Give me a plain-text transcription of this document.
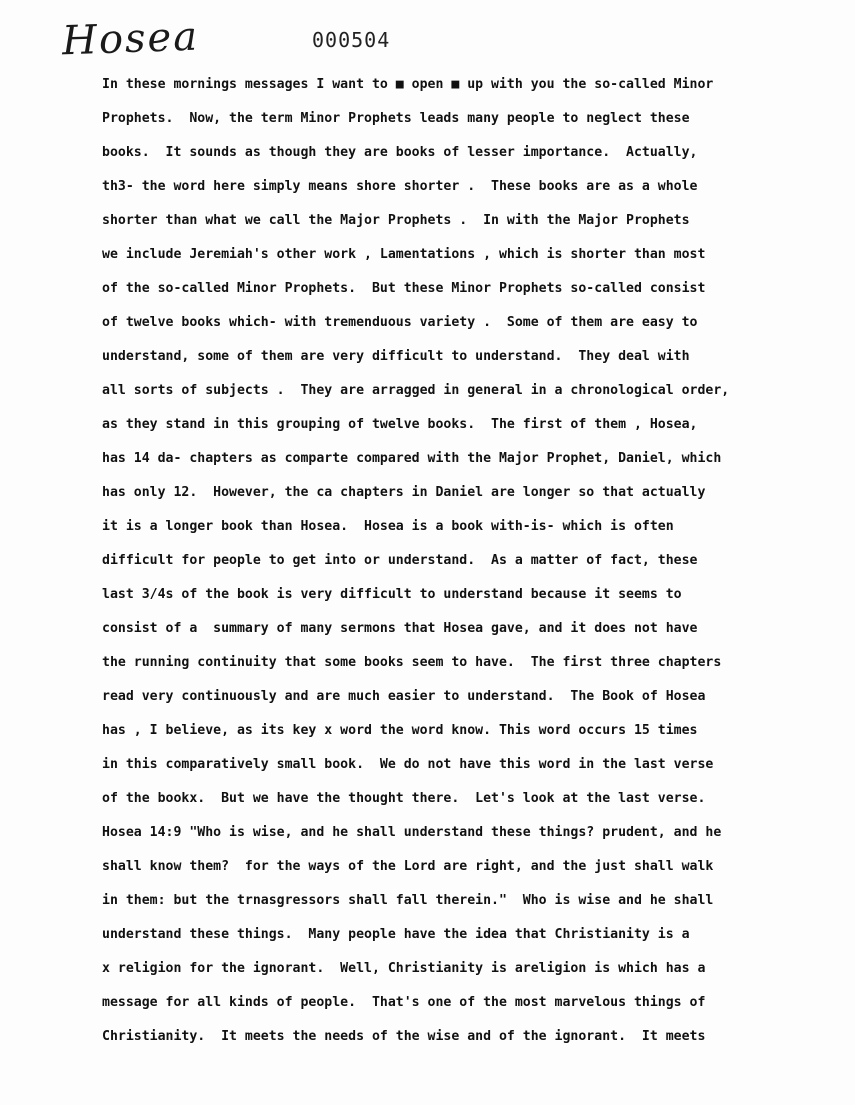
Hosea	000504
In these mornings messages I want to ■ open ■ up with you the so-called Minor
Prophets.  Now, the term Minor Prophets leads many people to neglect these
books.  It sounds as though they are books of lesser importance.  Actually,
th3- the word here simply means shore shorter .  These books are as a whole
shorter than what we call the Major Prophets .  In with the Major Prophets
we include Jeremiah's other work , Lamentations , which is shorter than most
of the so-called Minor Prophets.  But these Minor Prophets so-called consist
of twelve books which- with tremenduous variety .  Some of them are easy to
understand, some of them are very difficult to understand.  They deal with
all sorts of subjects .  They are arragged in general in a chronological order,
as they stand in this grouping of twelve books.  The first of them , Hosea,
has 14 da- chapters as comparte compared with the Major Prophet, Daniel, which
has only 12.  However, the ca chapters in Daniel are longer so that actually
it is a longer book than Hosea.  Hosea is a book with-is- which is often
difficult for people to get into or understand.  As a matter of fact, these
last 3/4s of the book is very difficult to understand because it seems to
consist of a  summary of many sermons that Hosea gave, and it does not have
the running continuity that some books seem to have.  The first three chapters
read very continuously and are much easier to understand.  The Book of Hosea
has , I believe, as its key x word the word know. This word occurs 15 times
in this comparatively small book.  We do not have this word in the last verse
of the bookx.  But we have the thought there.  Let's look at the last verse.
Hosea 14:9 "Who is wise, and he shall understand these things? prudent, and he
shall know them?  for the ways of the Lord are right, and the just shall walk
in them: but the trnasgressors shall fall therein."  Who is wise and he shall
understand these things.  Many people have the idea that Christianity is a
x religion for the ignorant.  Well, Christianity is areligion is which has a
message for all kinds of people.  That's one of the most marvelous things of
Christianity.  It meets the needs of the wise and of the ignorant.  It meets
